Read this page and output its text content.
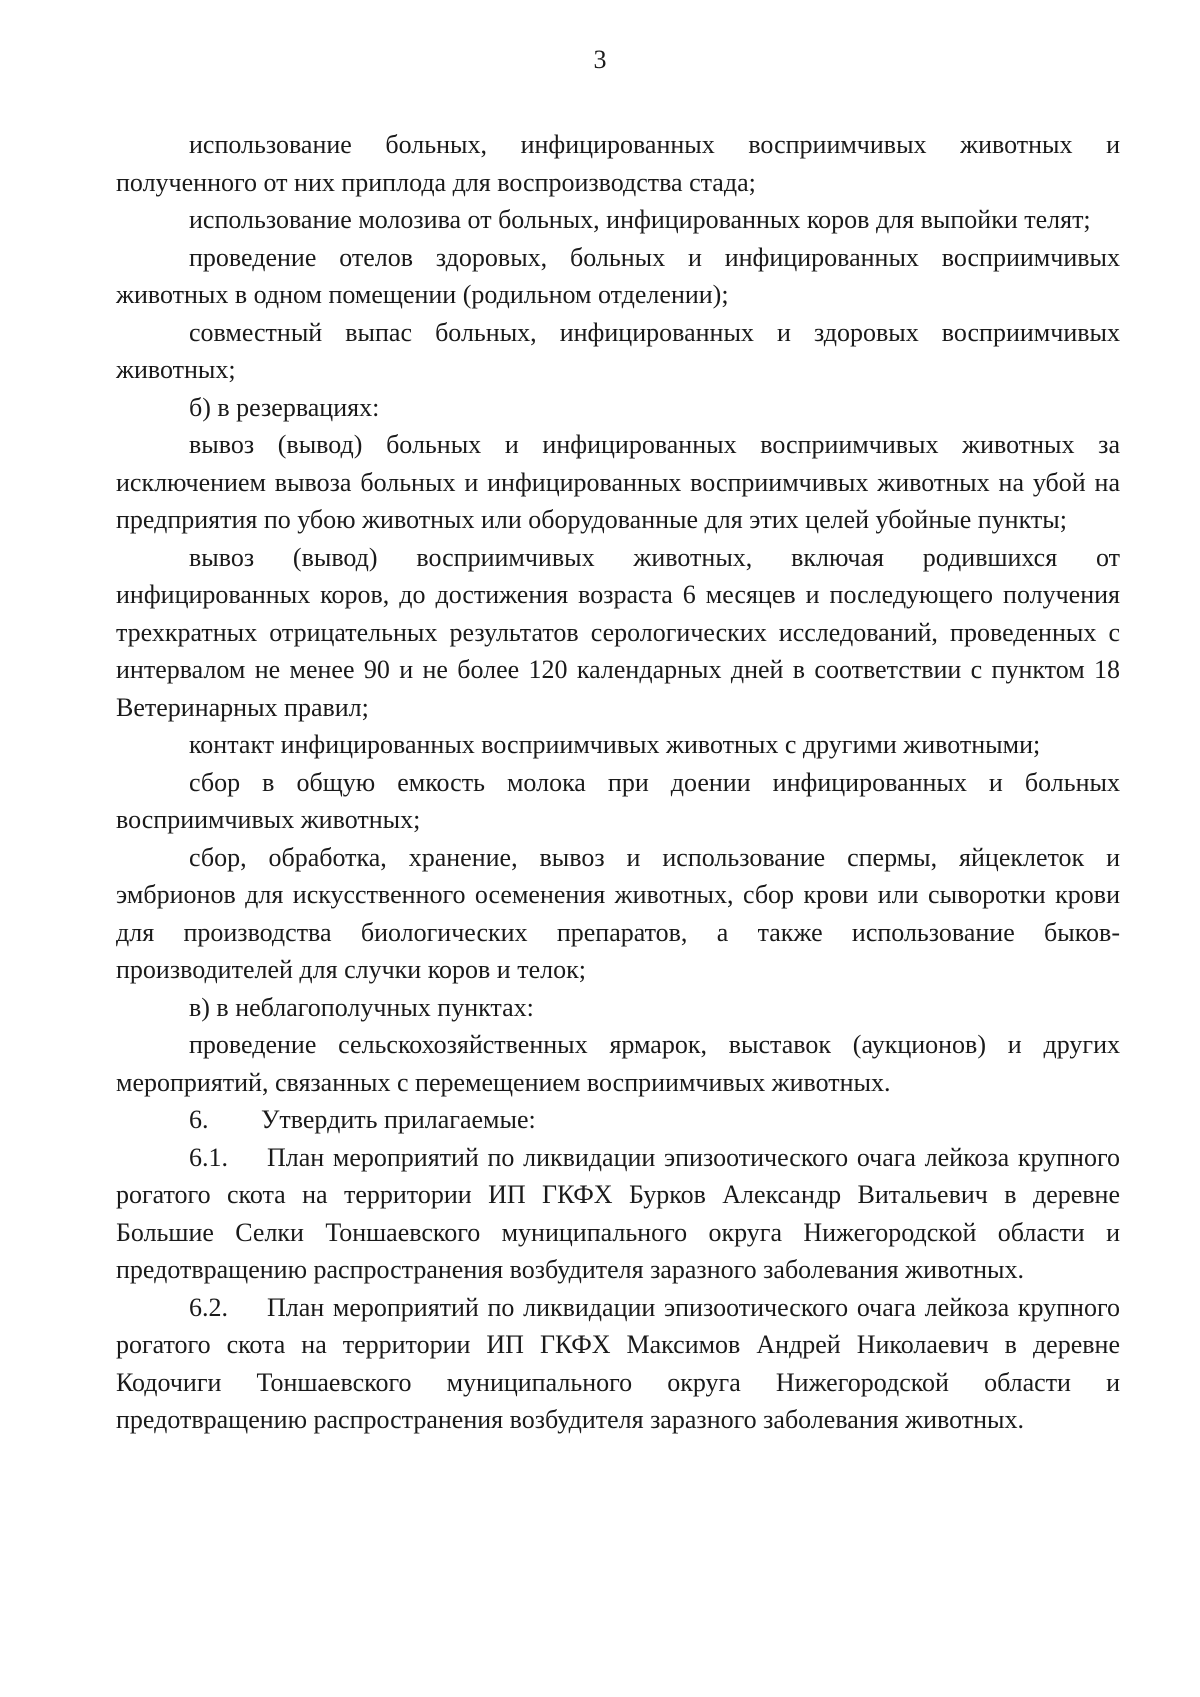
3

использование больных, инфицированных восприимчивых животных и полученного от них приплода для воспроизводства стада;

использование молозива от больных, инфицированных коров для выпойки телят;

проведение отелов здоровых, больных и инфицированных восприимчивых животных в одном помещении (родильном отделении);

совместный выпас больных, инфицированных и здоровых восприимчивых животных;

б) в резервациях:

вывоз (вывод) больных и инфицированных восприимчивых животных за исключением вывоза больных и инфицированных восприимчивых животных на убой на предприятия по убою животных или оборудованные для этих целей убойные пункты;

вывоз (вывод) восприимчивых животных, включая родившихся от инфицированных коров, до достижения возраста 6 месяцев и последующего получения трехкратных отрицательных результатов серологических исследований, проведенных с интервалом не менее 90 и не более 120 календарных дней в соответствии с пунктом 18 Ветеринарных правил;

контакт инфицированных восприимчивых животных с другими животными;

сбор в общую емкость молока при доении инфицированных и больных восприимчивых животных;

сбор, обработка, хранение, вывоз и использование спермы, яйцеклеток и эмбрионов для искусственного осеменения животных, сбор крови или сыворотки крови для производства биологических препаратов, а также использование быков-производителей для случки коров и телок;

в) в неблагополучных пунктах:

проведение сельскохозяйственных ярмарок, выставок (аукционов) и других мероприятий, связанных с перемещением восприимчивых животных.

6. Утвердить прилагаемые:

6.1. План мероприятий по ликвидации эпизоотического очага лейкоза крупного рогатого скота на территории ИП ГКФХ Бурков Александр Витальевич в деревне Большие Селки Тоншаевского муниципального округа Нижегородской области и предотвращению распространения возбудителя заразного заболевания животных.

6.2. План мероприятий по ликвидации эпизоотического очага лейкоза крупного рогатого скота на территории ИП ГКФХ Максимов Андрей Николаевич в деревне Кодочиги Тоншаевского муниципального округа Нижегородской области и предотвращению распространения возбудителя заразного заболевания животных.
